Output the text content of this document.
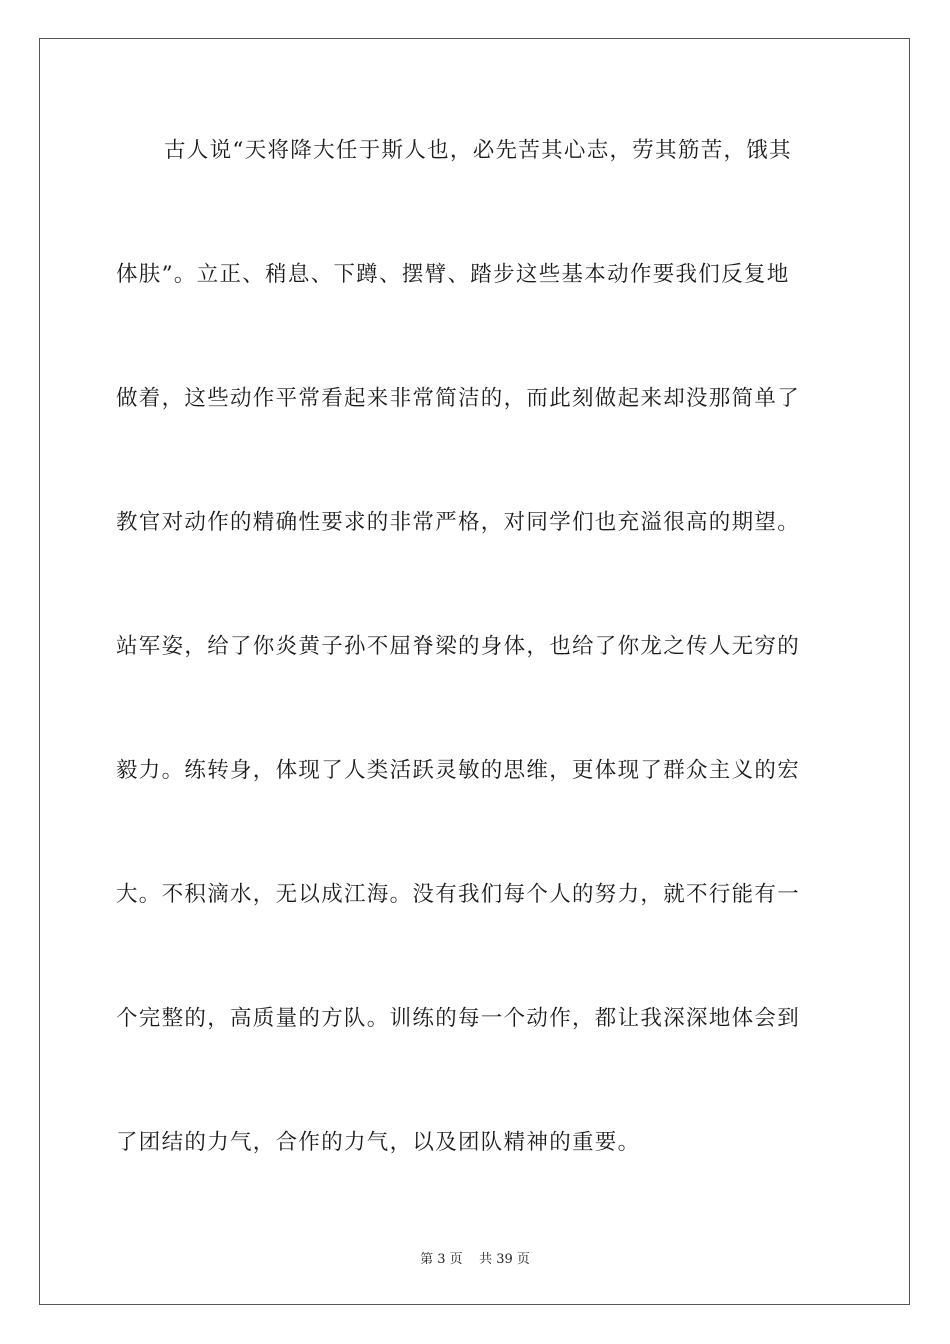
古人说“天将降大任于斯人也，必先苦其心志，劳其筋苦，饿其
体肤”。立正、稍息、下蹲、摆臂、踏步这些基本动作要我们反复地
做着，这些动作平常看起来非常简洁的，而此刻做起来却没那简单了
教官对动作的精确性要求的非常严格，对同学们也充溢很高的期望。
站军姿，给了你炎黄子孙不屈脊梁的身体，也给了你龙之传人无穷的
毅力。练转身，体现了人类活跃灵敏的思维，更体现了群众主义的宏
大。不积滴水，无以成江海。没有我们每个人的努力，就不行能有一
个完整的，高质量的方队。训练的每一个动作，都让我深深地体会到
了团结的力气，合作的力气，以及团队精神的重要。
第 3 页    共 39 页
